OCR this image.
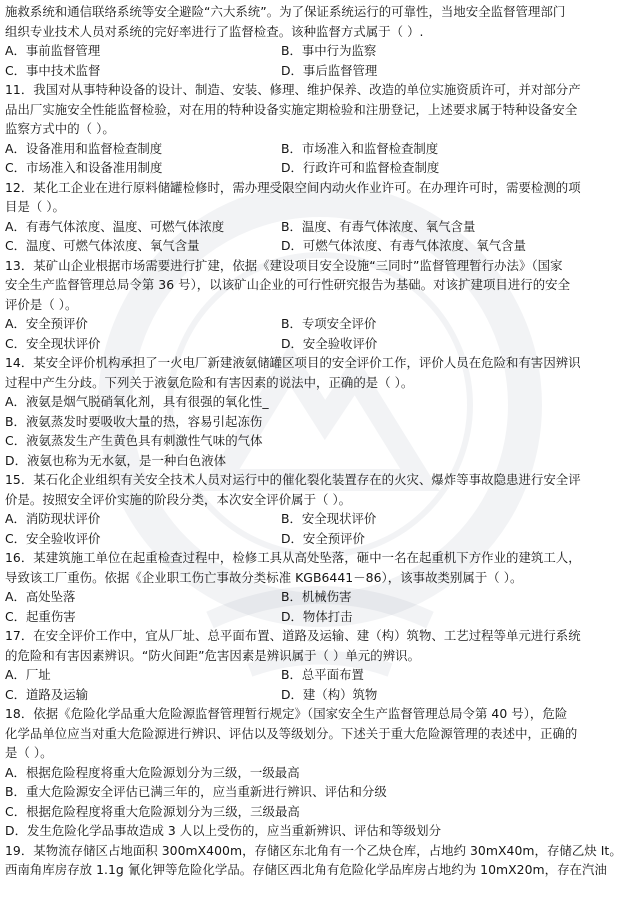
施救系统和通信联络系统等安全避险“六大系统”。为了保证系统运行的可靠性，当地安全监督管理部门
组织专业技术人员对系统的完好率进行了监督检查。该种监督方式属于（ ）.
A．事前监督管理	B．事中行为监察
C．事中技术监督	D．事后监督管理
11．我国对从事特种设备的设计、制造、安装、修理、维护保养、改造的单位实施资质许可，并对部分产
品出厂实施安全性能监督检验，对在用的特种设备实施定期检验和注册登记，上述要求属于特种设备安全
监察方式中的（ ）。
A．设备准用和监督检查制度	B．市场准入和监督检查制度
C．市场准入和设备准用制度	D．行政许可和监督检查制度
12．某化工企业在进行原料储罐检修时，需办理受限空间内动火作业许可。在办理许可时，需要检测的项
目是（ ）。
A．有毒气体浓度、温度、可燃气体浓度	B．温度、有毒气体浓度、氧气含量
C．温度、可燃气体浓度、氧气含量	D．可燃气体浓度、有毒气体浓度、氧气含量
13．某矿山企业根据市场需要进行扩建，依据《建设项目安全设施“三同时”监督管理暂行办法》（国家
安全生产监督管理总局令第 36 号），以该矿山企业的可行性研究报告为基础。对该扩建项目进行的安全
评价是（ ）。
A．安全预评价	B．专项安全评价
C．安全现状评价	D．安全验收评价
14．某安全评价机构承担了一火电厂新建液氨储罐区项目的安全评价工作，评价人员在危险和有害因辨识
过程中产生分歧。下列关于液氨危险和有害因素的说法中，正确的是（ ）。
A．液氨是烟气脱硝氧化剂，具有很强的氧化性_
B．液氨蒸发时要吸收大量的热，容易引起冻伤
C．液氨蒸发生产生黄色具有刺激性气味的气体
D．液氨也称为无水氨，是一种白色液体
15．某石化企业组织有关安全技术人员对运行中的催化裂化装置存在的火灾、爆炸等事故隐患进行安全评
价是。按照安全评价实施的阶段分类，本次安全评价属于（ ）。
A．消防现状评价	B．安全现状评价
C．安全验收评价	D．安全预评价
16．某建筑施工单位在起重检查过程中，检修工具从高处坠落，砸中一名在起重机下方作业的建筑工人，
导致该工厂重伤。依据《企业职工伤亡事故分类标准 KGB6441－86），该事故类别属于（ ）。
A．高处坠落	B．机械伤害
C．起重伤害	D．物体打击
17．在安全评价工作中，宜从厂址、总平面布置、道路及运输、建（构）筑物、工艺过程等单元进行系统
的危险和有害因素辨识。“防火间距”危害因素是辨识属于（ ）单元的辨识。
A．厂址	B．总平面布置
C．道路及运输	D．建（构）筑物
18．依据《危险化学品重大危险源监督管理暂行规定》（国家安全生产监督管理总局令第 40 号），危险
化学品单位应当对重大危险源进行辨识、评估以及等级划分。下述关于重大危险源管理的表述中，正确的
是（ ）。
A．根据危险程度将重大危险源划分为三级，一级最高
B．重大危险源安全评估已满三年的，应当重新进行辨识、评估和分级
C．根据危险程度将重大危险源划分为三级，三级最高
D．发生危险化学品事故造成 3 人以上受伤的，应当重新辨识、评估和等级划分
19．某物流存储区占地面积 300mX400m，存储区东北角有一个乙炔仓库，占地约 30mX40m，存储乙炔 It。
西南角库房存放 1.1g 氰化钾等危险化学品。存储区西北角有危险化学品库房占地约为 10mX20m，存在汽油
